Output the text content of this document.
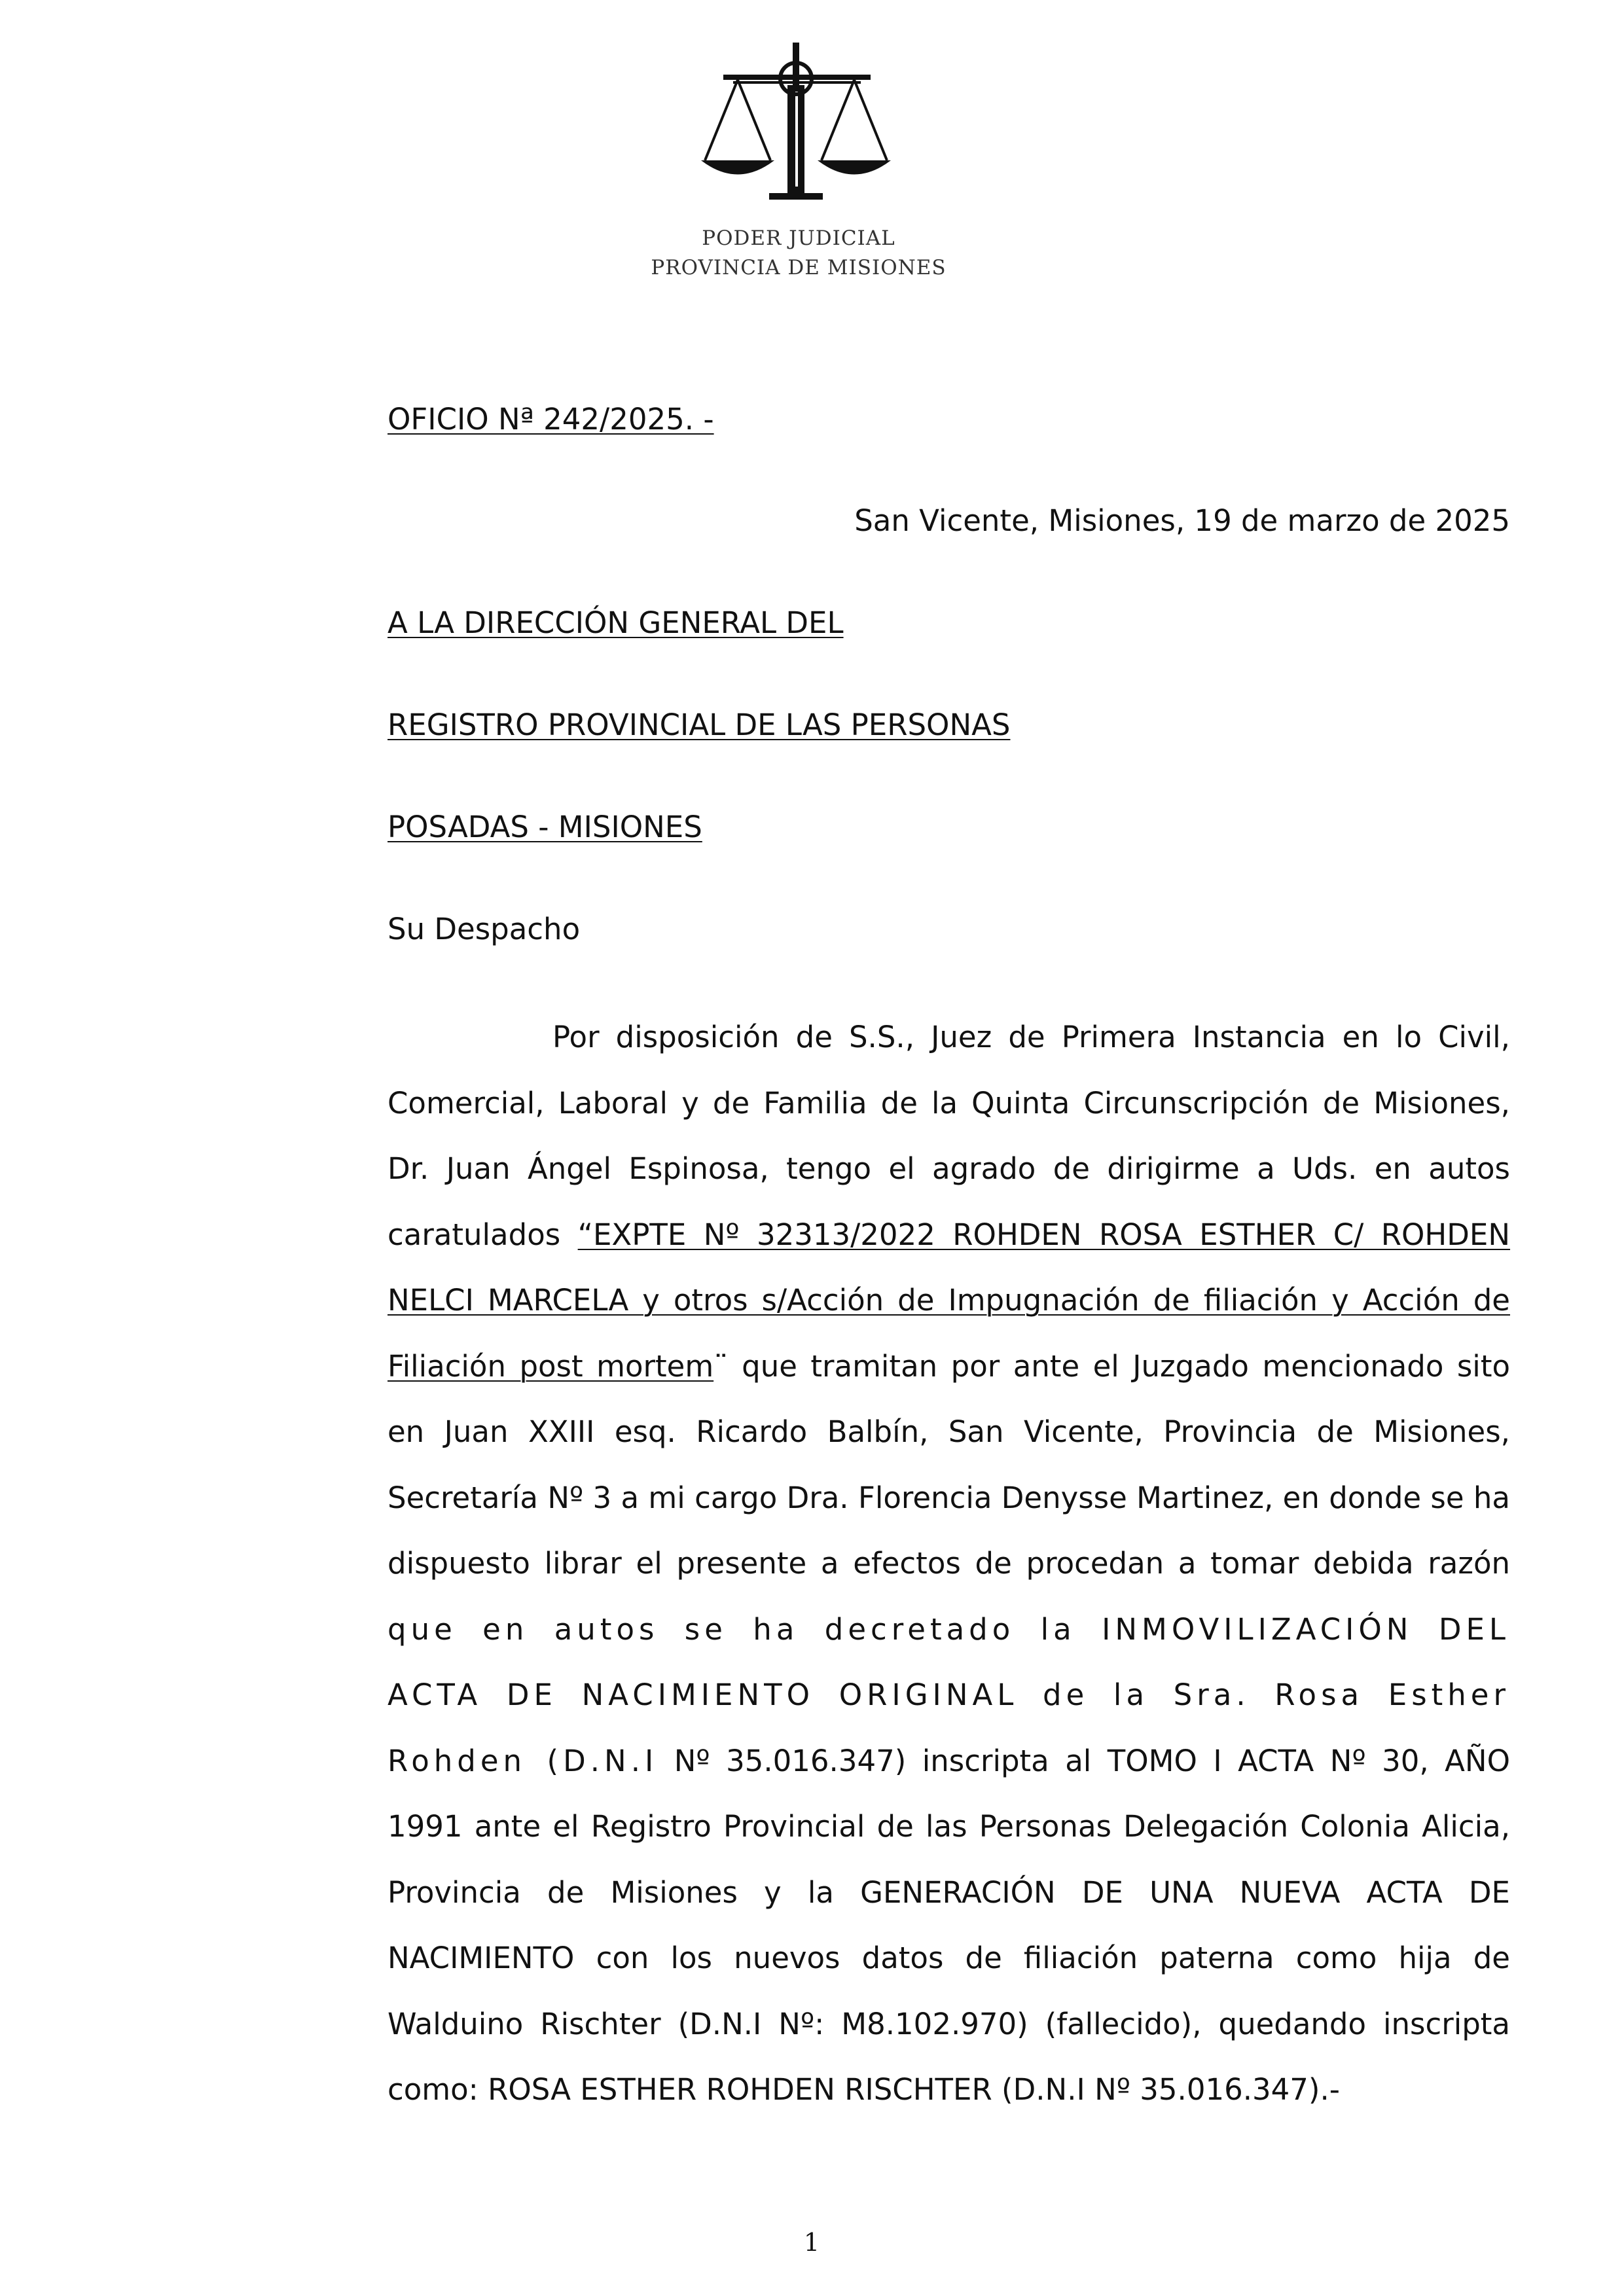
PODER JUDICIAL
PROVINCIA DE MISIONES
OFICIO Nª 242/2025. -
San Vicente, Misiones, 19 de marzo de 2025
A LA DIRECCIÓN GENERAL DEL
REGISTRO PROVINCIAL DE LAS PERSONAS
POSADAS - MISIONES
Su Despacho
Por disposición de S.S., Juez de Primera Instancia en lo Civil, Comercial, Laboral y de Familia de la Quinta Circunscripción de Misiones, Dr. Juan Ángel Espinosa, tengo el agrado de dirigirme a Uds. en autos caratulados “EXPTE Nº 32313/2022 ROHDEN ROSA ESTHER C/ ROHDEN NELCI MARCELA y otros s/Acción de Impugnación de filiación y Acción de Filiación post mortem¨ que tramitan por ante el Juzgado mencionado sito en Juan XXIII esq. Ricardo Balbín, San Vicente, Provincia de Misiones, Secretaría Nº 3 a mi cargo Dra. Florencia Denysse Martinez, en donde se ha dispuesto librar el presente a efectos de procedan a tomar debida razón que en autos se ha decretado la INMOVILIZACIÓN DEL ACTA DE NACIMIENTO ORIGINAL de la Sra. Rosa Esther Rohden (D.N.I Nº 35.016.347) inscripta al TOMO I ACTA Nº 30, AÑO 1991 ante el Registro Provincial de las Personas Delegación Colonia Alicia, Provincia de Misiones y la GENERACIÓN DE UNA NUEVA ACTA DE NACIMIENTO con los nuevos datos de filiación paterna como hija de Walduino Rischter (D.N.I Nº: M8.102.970) (fallecido), quedando inscripta como: ROSA ESTHER ROHDEN RISCHTER (D.N.I Nº 35.016.347).-
1
